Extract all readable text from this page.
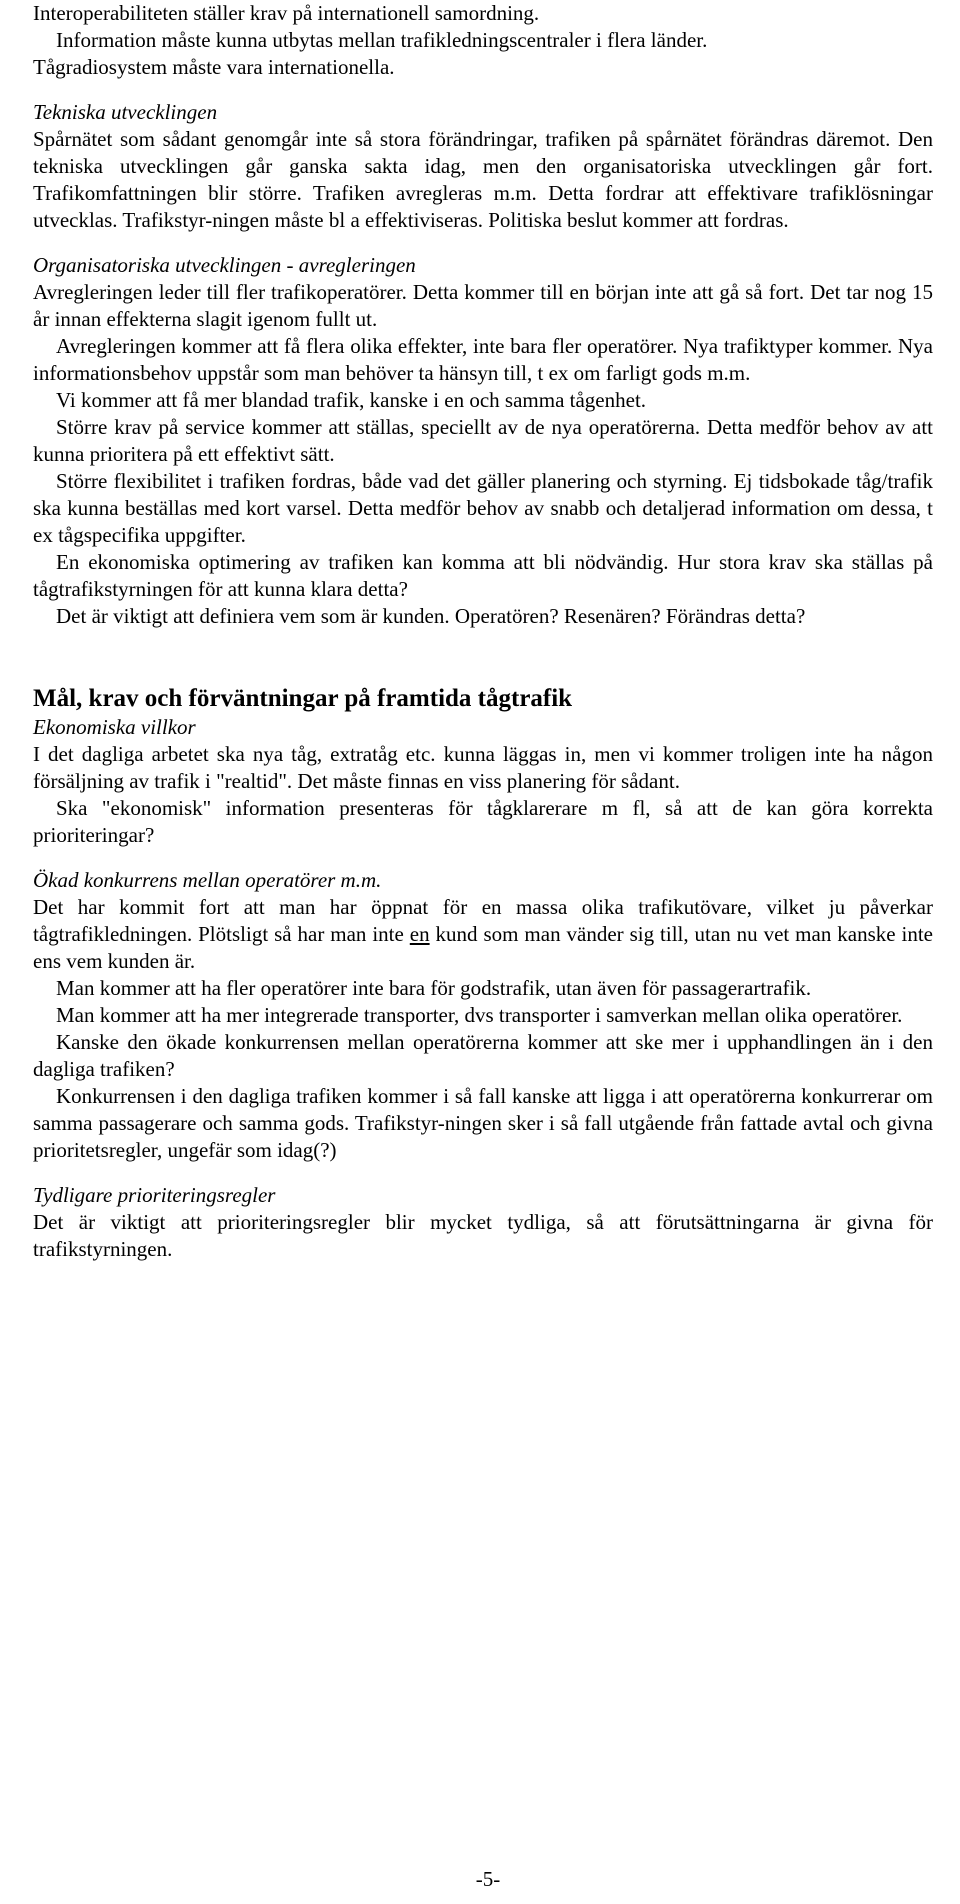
Interoperabiliteten ställer krav på internationell samordning.

Information måste kunna utbytas mellan trafikledningscentraler i flera länder.

Tågradiosystem måste vara internationella.

Tekniska utvecklingen

Spårnätet som sådant genomgår inte så stora förändringar, trafiken på spårnätet förändras däremot. Den tekniska utvecklingen går ganska sakta idag, men den organisatoriska utvecklingen går fort. Trafikomfattningen blir större. Trafiken avregleras m.m. Detta fordrar att effektivare trafiklösningar utvecklas. Trafikstyr-ningen måste bl a effektiviseras. Politiska beslut kommer att fordras.

Organisatoriska utvecklingen - avregleringen

Avregleringen leder till fler trafikoperatörer. Detta kommer till en början inte att gå så fort. Det tar nog 15 år innan effekterna slagit igenom fullt ut.

Avregleringen kommer att få flera olika effekter, inte bara fler operatörer. Nya trafiktyper kommer. Nya informationsbehov uppstår som man behöver ta hänsyn till, t ex om farligt gods m.m.

Vi kommer att få mer blandad trafik, kanske i en och samma tågenhet.

Större krav på service kommer att ställas, speciellt av de nya operatörerna. Detta medför behov av att kunna prioritera på ett effektivt sätt.

Större flexibilitet i trafiken fordras, både vad det gäller planering och styrning. Ej tidsbokade tåg/trafik ska kunna beställas med kort varsel. Detta medför behov av snabb och detaljerad information om dessa, t ex tågspecifika uppgifter.

En ekonomiska optimering av trafiken kan komma att bli nödvändig. Hur stora krav ska ställas på tågtrafikstyrningen för att kunna klara detta?

Det är viktigt att definiera vem som är kunden. Operatören? Resenären? Förändras detta?

Mål, krav och förväntningar på framtida tågtrafik

Ekonomiska villkor

I det dagliga arbetet ska nya tåg, extratåg etc. kunna läggas in, men vi kommer troligen inte ha någon försäljning av trafik i "realtid". Det måste finnas en viss planering för sådant.

Ska "ekonomisk" information presenteras för tågklarerare m fl, så att de kan göra korrekta prioriteringar?

Ökad konkurrens mellan operatörer m.m.

Det har kommit fort att man har öppnat för en massa olika trafikutövare, vilket ju påverkar tågtrafikledningen. Plötsligt så har man inte en kund som man vänder sig till, utan nu vet man kanske inte ens vem kunden är.

Man kommer att ha fler operatörer inte bara för godstrafik, utan även för passagerartrafik.

Man kommer att ha mer integrerade transporter, dvs transporter i samverkan mellan olika operatörer.

Kanske den ökade konkurrensen mellan operatörerna kommer att ske mer i upphandlingen än i den dagliga trafiken?

Konkurrensen i den dagliga trafiken kommer i så fall kanske att ligga i att operatörerna konkurrerar om samma passagerare och samma gods. Trafikstyr-ningen sker i så fall utgående från fattade avtal och givna prioritetsregler, ungefär som idag(?)

Tydligare prioriteringsregler

Det är viktigt att prioriteringsregler blir mycket tydliga, så att förutsättningarna är givna för trafikstyrningen.

-5-
